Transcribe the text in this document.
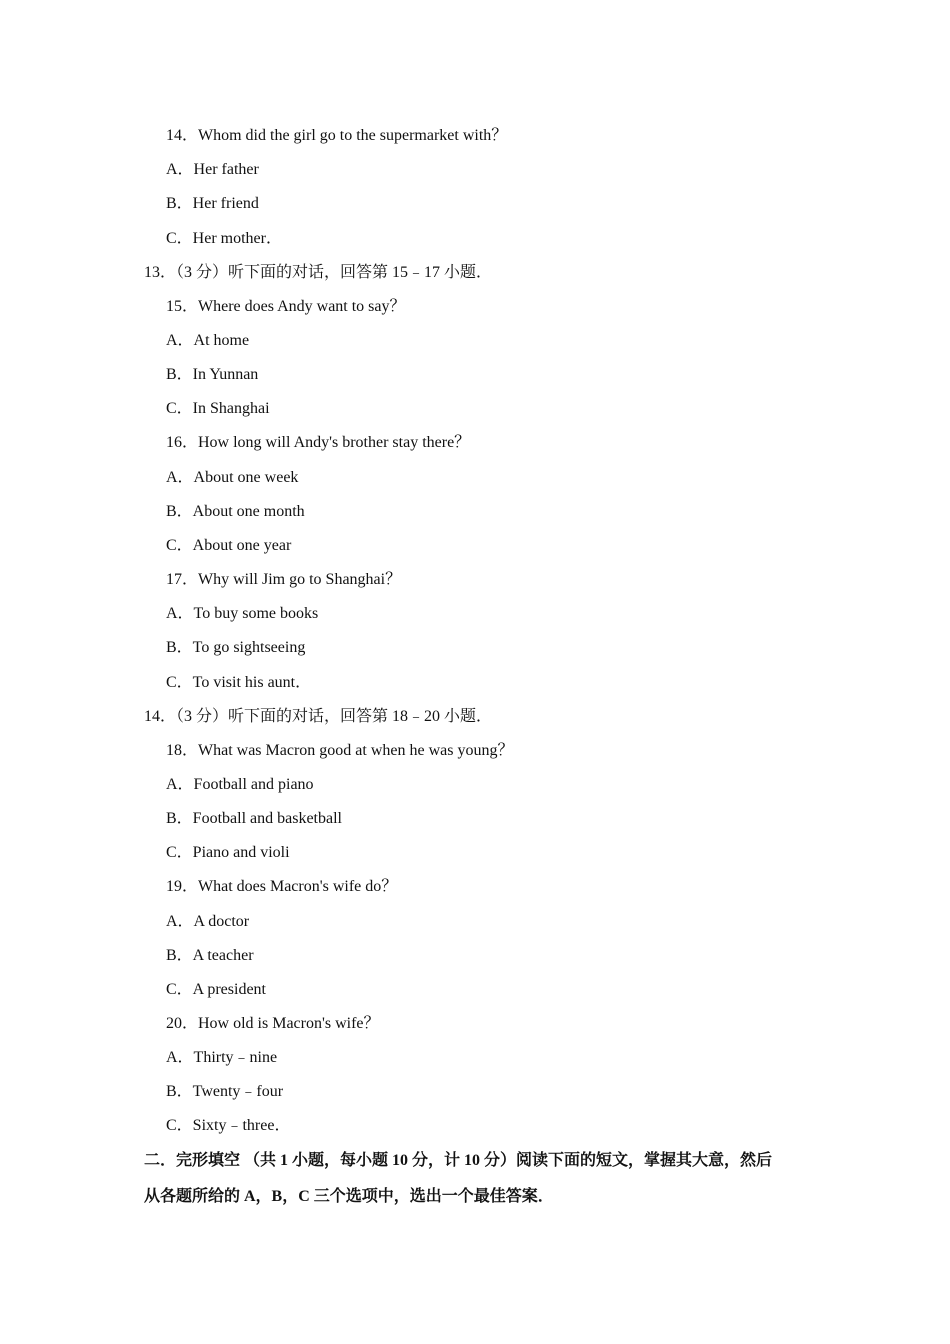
14．Whom did the girl go to the supermarket with？
A．Her father
B．Her friend
C．Her mother．
13．（3 分）听下面的对话，回答第 15﹣17 小题．
15．Where does Andy want to say？
A．At home
B．In Yunnan
C．In Shanghai
16．How long will Andy's brother stay there？
A．About one week
B．About one month
C．About one year
17．Why will Jim go to Shanghai？
A．To buy some books
B．To go sightseeing
C．To visit his aunt．
14．（3 分）听下面的对话，回答第 18﹣20 小题．
18．What was Macron good at when he was young？
A．Football and piano
B．Football and basketball
C．Piano and violi
19．What does Macron's wife do？
A．A doctor
B．A teacher
C．A president
20．How old is Macron's wife？
A．Thirty﹣nine
B．Twenty﹣four
C．Sixty﹣three．
二．完形填空 （共 1 小题，每小题 10 分，计 10 分）阅读下面的短文，掌握其大意，然后
从各题所给的 A，B，C 三个选项中，选出一个最佳答案．
